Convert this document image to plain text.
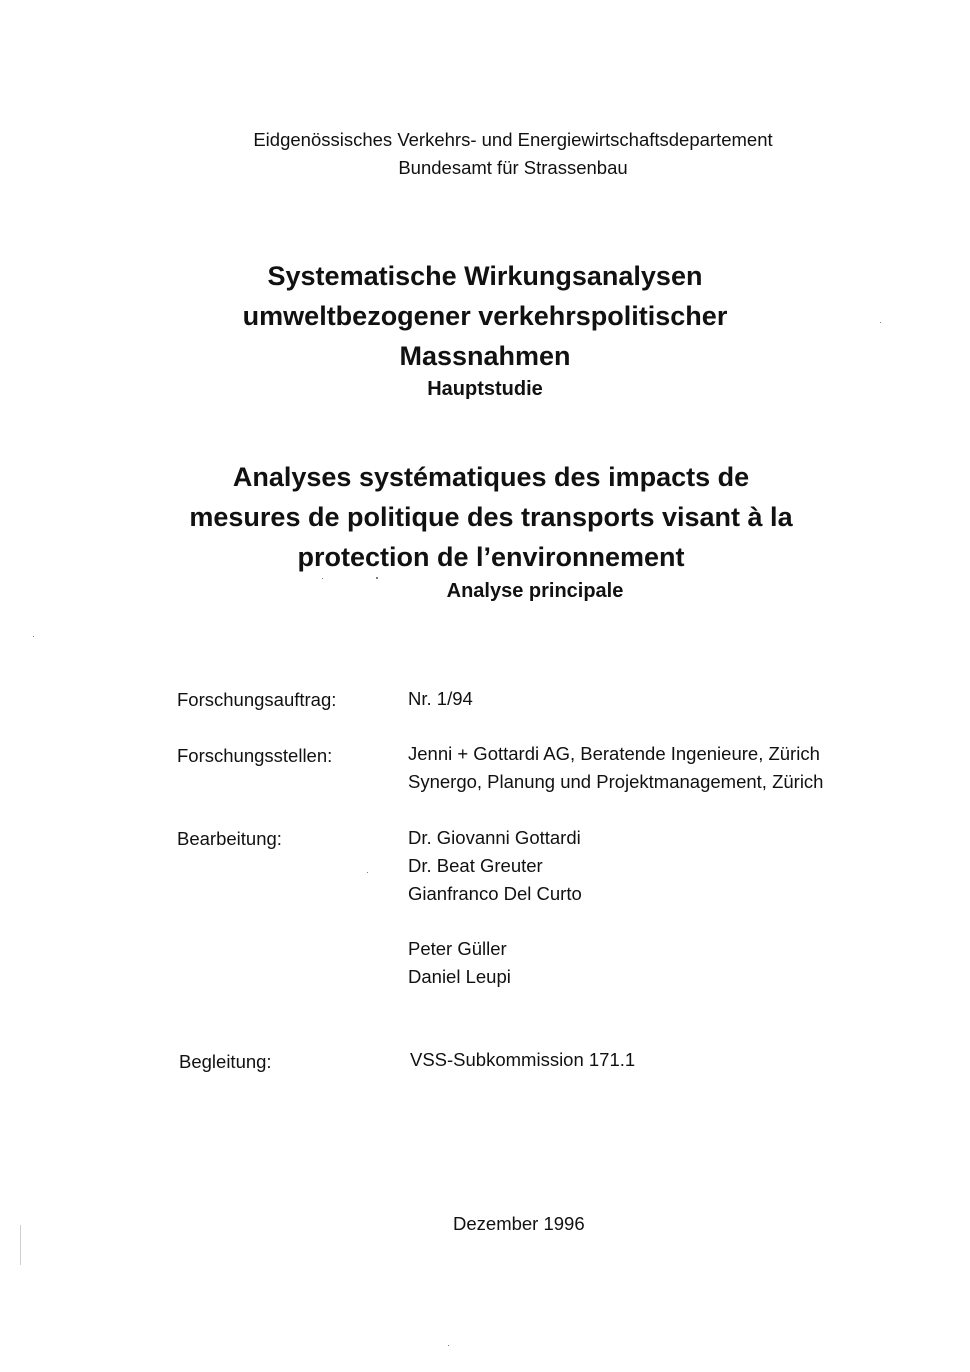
Eidgenössisches Verkehrs- und Energiewirtschaftsdepartement
Bundesamt für Strassenbau
Systematische Wirkungsanalysen
umweltbezogener verkehrspolitischer
Massnahmen
Hauptstudie
Analyses systématiques des impacts de
mesures de politique des transports visant à la
protection de l’environnement
Analyse principale
Forschungsauftrag:	Nr. 1/94
Forschungsstellen:	Jenni + Gottardi AG, Beratende Ingenieure, Zürich
Synergo, Planung und Projektmanagement, Zürich
Bearbeitung:	Dr. Giovanni Gottardi
Dr. Beat Greuter
Gianfranco Del Curto
Peter Güller
Daniel Leupi
Begleitung:	VSS-Subkommission 171.1
Dezember 1996
